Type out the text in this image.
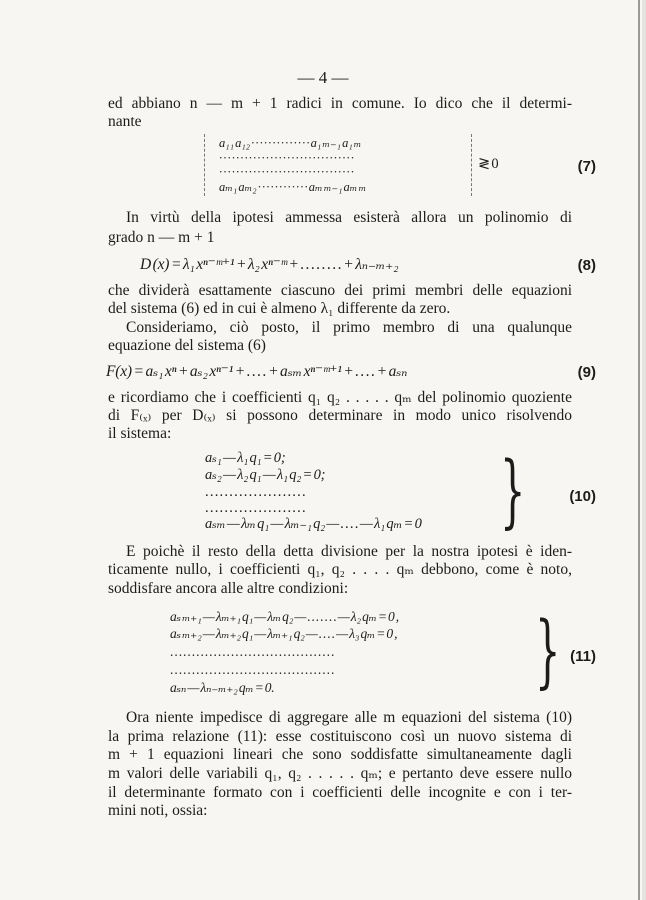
— 4 —
ed abbiano n — m + 1 radici in comune. Io dico che il determi-
nante
a₁₁ a₁₂ · · · · · · · · · · · · · · a₁ ₘ₋₁ a₁ ₘ
· · · · · · · · · · · · · · · · · · · · · · · · · · · · · · · ·
· · · · · · · · · · · · · · · · · · · · · · · · · · · · · · · ·
aₘ₁ aₘ₂ · · · · · · · · · · · · aₘ ₘ₋₁ aₘ ₘ
≷ 0	(7)
In virtù della ipotesi ammessa esisterà allora un polinomio di
grado n — m + 1
D (x) = λ₁ xⁿ⁻ᵐ⁺¹ + λ₂ xⁿ⁻ᵐ + . . . . . . . . + λₙ₋ₘ₊₂	(8)
che dividerà esattamente ciascuno dei primi membri delle equazioni
del sistema (6) ed in cui è almeno λ₁ differente da zero.
Consideriamo, ciò posto, il primo membro di una qualunque
equazione del sistema (6)
F(x) = aₛ₁ xⁿ + aₛ₂ xⁿ⁻¹ + . . . . + aₛₘ xⁿ⁻ᵐ⁺¹ + . . . . + aₛₙ	(9)
e ricordiamo che i coefficienti q₁ q₂ . . . . . qₘ del polinomio quoziente
di F₍ₓ₎ per D₍ₓ₎ si possono determinare in modo unico risolvendo
il sistema:
aₛ₁ — λ₁ q₁ = 0;
aₛ₂ — λ₂ q₁ — λ₁ q₂ = 0;
. . . . . . . . . . . . . . . . . . . . .
. . . . . . . . . . . . . . . . . . . . .
aₛₘ — λₘ q₁ — λₘ₋₁ q₂ — . . . . — λ₁ qₘ = 0 }	(10)
E poichè il resto della detta divisione per la nostra ipotesi è iden-
ticamente nullo, i coefficienti q₁, q₂ . . . . qₘ debbono, come è noto,
soddisfare ancora alle altre condizioni:
aₛ ₘ₊₁ — λₘ₊₁ q₁ — λₘ q₂ — . . . . . . . — λ₂ qₘ = 0 ,
aₛ ₘ₊₂ — λₘ₊₂ q₁ — λₘ₊₁ q₂ — . . . . — λ₃ qₘ = 0 ,
. . . . . . . . . . . . . . . . . . . . . . . . . . . . . . . . . . . . . .
. . . . . . . . . . . . . . . . . . . . . . . . . . . . . . . . . . . . . .
aₛₙ — λₙ₋ₘ₊₂ qₘ = 0.	} (11)
Ora niente impedisce di aggregare alle m equazioni del sistema (10)
la prima relazione (11): esse costituiscono così un nuovo sistema di
m + 1 equazioni lineari che sono soddisfatte simultaneamente dagli
m valori delle variabili q₁, q₂ . . . . . qₘ; e pertanto deve essere nullo
il determinante formato con i coefficienti delle incognite e con i ter-
mini noti, ossia:
